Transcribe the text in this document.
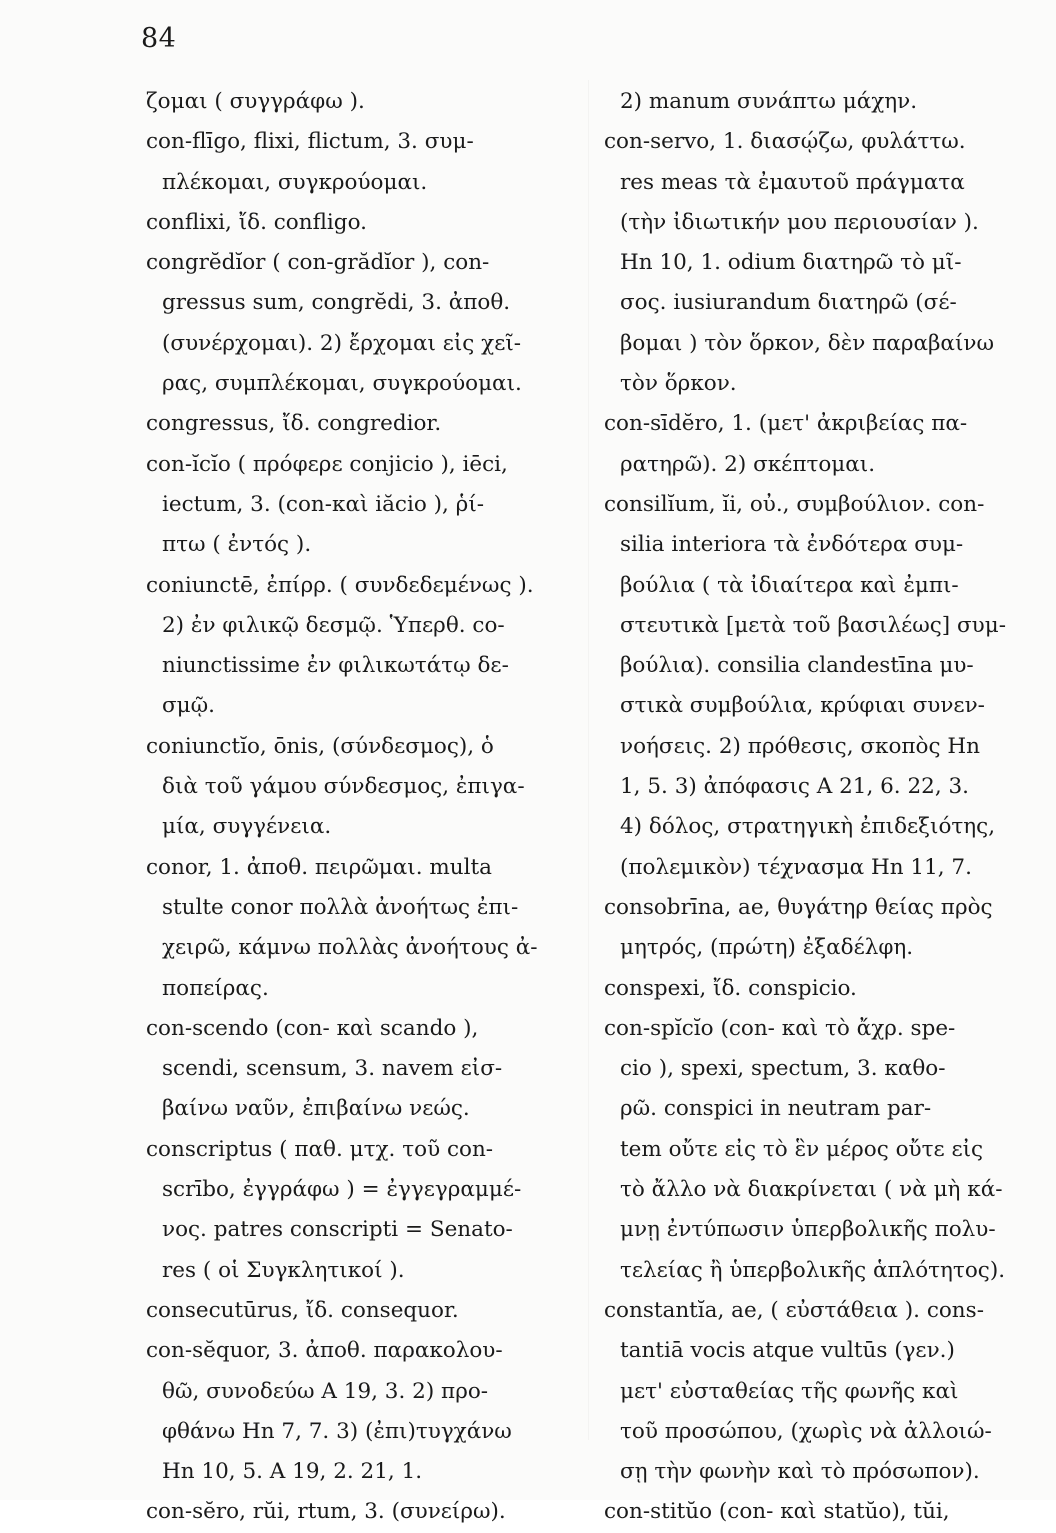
84
ζομαι ( συγγράφω ).
con-flīgo, flixi, flictum, 3. συμ-
πλέκομαι, συγκρούομαι.
conflixi, ἴδ. confligo.
congrĕdĭor ( con-grădĭor ), con-
gressus sum, congrĕdi, 3. ἀποθ.
(συνέρχομαι). 2) ἔρχομαι εἰς χεῖ-
ρας, συμπλέκομαι, συγκρούομαι.
congressus, ἴδ. congredior.
con-ĭcĭo ( πρόφερε conjicio ), iēci,
iectum, 3. (con-καὶ iăcio ), ῥί-
πτω ( ἐντός ).
coniunctē, ἐπίρρ. ( συνδεδεμένως ).
2) ἐν φιλικῷ δεσμῷ. Ὑπερθ. co-
niunctissime ἐν φιλικωτάτῳ δε-
σμῷ.
coniunctĭo, ōnis, (σύνδεσμος), ὁ
διὰ τοῦ γάμου σύνδεσμος, ἐπιγα-
μία, συγγένεια.
conor, 1. ἀποθ. πειρῶμαι. multa
stulte conor πολλὰ ἀνοήτως ἐπι-
χειρῶ, κάμνω πολλὰς ἀνοήτους ἀ-
ποπείρας.
con-scendo (con- καὶ scando ),
scendi, scensum, 3. navem εἰσ-
βαίνω ναῦν, ἐπιβαίνω νεώς.
conscriptus ( παθ. μτχ. τοῦ con-
scrībo, ἐγγράφω ) = ἐγγεγραμμέ-
νος. patres conscripti = Senato-
res ( οἱ Συγκλητικοί ).
consecutūrus, ἴδ. consequor.
con-sĕquor, 3. ἀποθ. παρακολου-
θῶ, συνοδεύω Α 19, 3. 2) προ-
φθάνω Hn 7, 7. 3) (ἐπι)τυγχάνω
Hn 10, 5. A 19, 2. 21, 1.
con-sĕro, rŭi, rtum, 3. (συνείρω).
2) manum συνάπτω μάχην.
con-servo, 1. διασῴζω, φυλάττω.
res meas τὰ ἐμαυτοῦ πράγματα
(τὴν ἰδιωτικήν μου περιουσίαν ).
Hn 10, 1. odium διατηρῶ τὸ μῖ-
σος. iusiurandum διατηρῶ (σέ-
βομαι ) τὸν ὅρκον, δὲν παραβαίνω
τὸν ὅρκον.
con-sīdĕro, 1. (μετ' ἀκριβείας πα-
ρατηρῶ). 2) σκέπτομαι.
consilĭum, ĭi, οὐ., συμβούλιον. con-
silia interiora τὰ ἐνδότερα συμ-
βούλια ( τὰ ἰδιαίτερα καὶ ἐμπι-
στευτικὰ [μετὰ τοῦ βασιλέως] συμ-
βούλια). consilia clandestīna μυ-
στικὰ συμβούλια, κρύφιαι συνεν-
νοήσεις. 2) πρόθεσις, σκοπὸς Hn
1, 5. 3) ἀπόφασις A 21, 6. 22, 3.
4) δόλος, στρατηγικὴ ἐπιδεξιότης,
(πολεμικὸν) τέχνασμα Hn 11, 7.
consobrīna, ae, θυγάτηρ θείας πρὸς
μητρός, (πρώτη) ἐξαδέλφη.
conspexi, ἴδ. conspicio.
con-spĭcĭo (con- καὶ τὸ ἄχρ. spe-
cio ), spexi, spectum, 3. καθο-
ρῶ. conspici in neutram par-
tem οὔτε εἰς τὸ ἓν μέρος οὔτε εἰς
τὸ ἄλλο νὰ διακρίνεται ( νὰ μὴ κά-
μνῃ ἐντύπωσιν ὑπερβολικῆς πολυ-
τελείας ἢ ὑπερβολικῆς ἁπλότητος).
constantĭa, ae, ( εὐστάθεια ). cons-
tantiā vocis atque vultūs (γεν.)
μετ' εὐσταθείας τῆς φωνῆς καὶ
τοῦ προσώπου, (χωρὶς νὰ ἀλλοιώ-
σῃ τὴν φωνὴν καὶ τὸ πρόσωπον).
con-stitŭo (con- καὶ statŭo), tŭi,
